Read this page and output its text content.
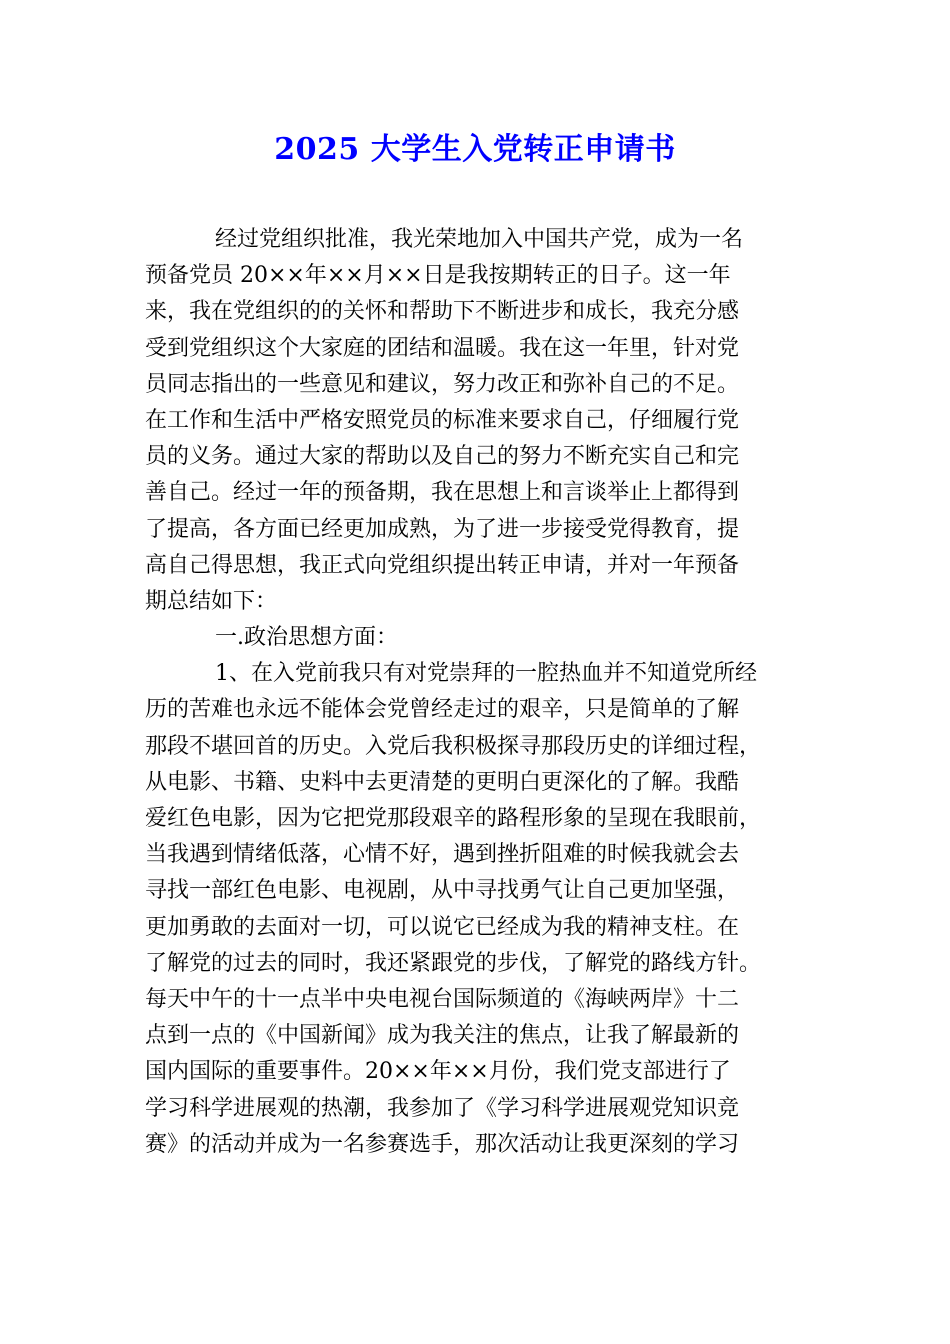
2025 大学生入党转正申请书
经过党组织批准，我光荣地加入中国共产党，成为一名
预备党员 20××年××月××日是我按期转正的日子。这一年
来，我在党组织的的关怀和帮助下不断进步和成长，我充分感
受到党组织这个大家庭的团结和温暖。我在这一年里，针对党
员同志指出的一些意见和建议，努力改正和弥补自己的不足。
在工作和生活中严格安照党员的标准来要求自己，仔细履行党
员的义务。通过大家的帮助以及自己的努力不断充实自己和完
善自己。经过一年的预备期，我在思想上和言谈举止上都得到
了提高，各方面已经更加成熟，为了进一步接受党得教育，提
高自己得思想，我正式向党组织提出转正申请，并对一年预备
期总结如下：
一.政治思想方面：
1、在入党前我只有对党崇拜的一腔热血并不知道党所经
历的苦难也永远不能体会党曾经走过的艰辛，只是简单的了解
那段不堪回首的历史。入党后我积极探寻那段历史的详细过程，
从电影、书籍、史料中去更清楚的更明白更深化的了解。我酷
爱红色电影，因为它把党那段艰辛的路程形象的呈现在我眼前，
当我遇到情绪低落，心情不好，遇到挫折阻难的时候我就会去
寻找一部红色电影、电视剧，从中寻找勇气让自己更加坚强，
更加勇敢的去面对一切，可以说它已经成为我的精神支柱。在
了解党的过去的同时，我还紧跟党的步伐，了解党的路线方针。
每天中午的十一点半中央电视台国际频道的《海峡两岸》十二
点到一点的《中国新闻》成为我关注的焦点，让我了解最新的
国内国际的重要事件。20××年××月份，我们党支部进行了
学习科学进展观的热潮，我参加了《学习科学进展观党知识竞
赛》的活动并成为一名参赛选手，那次活动让我更深刻的学习
